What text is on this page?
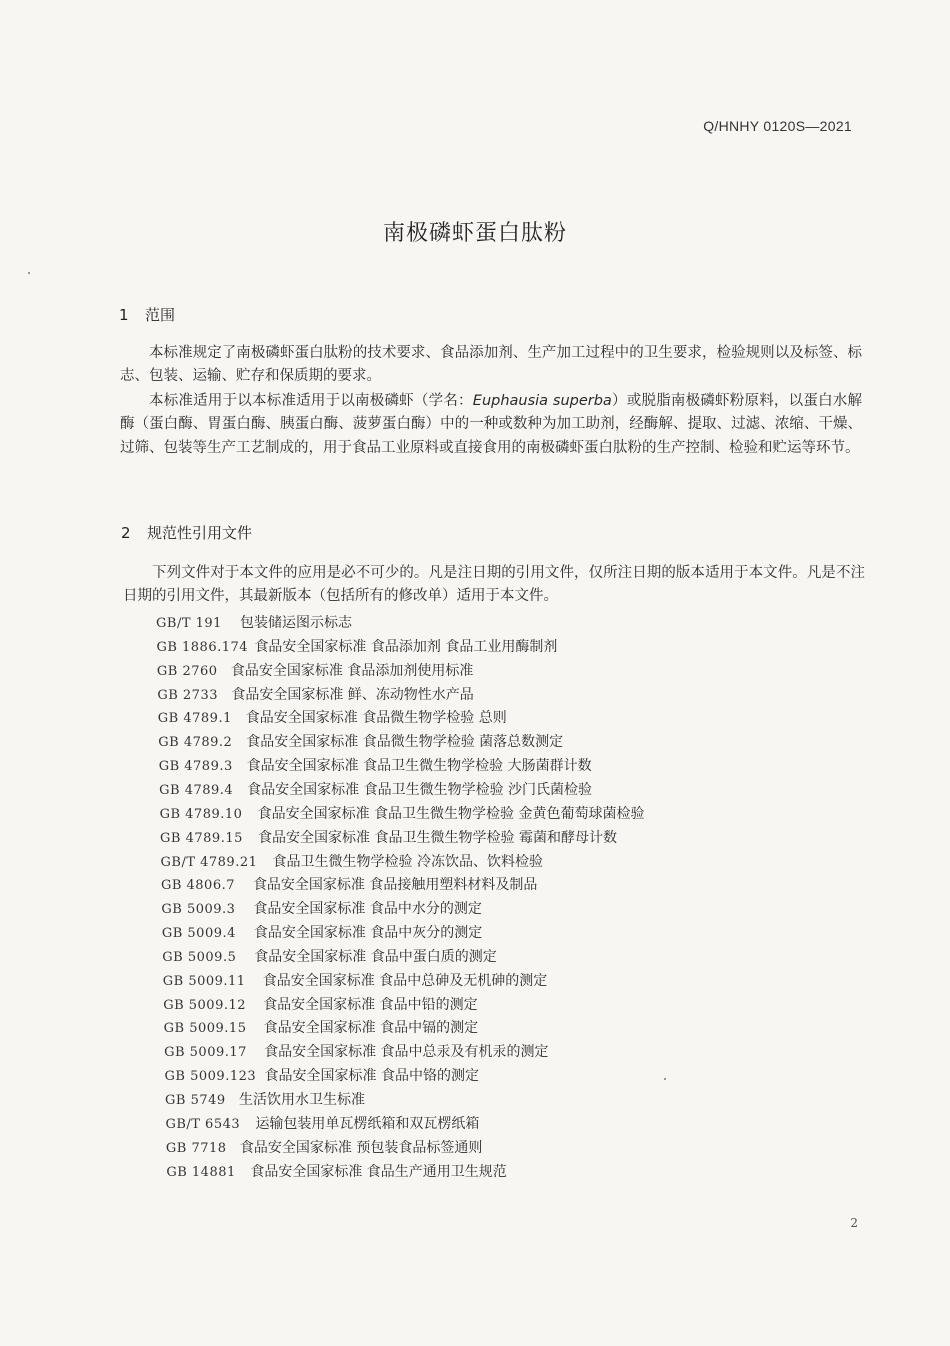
Q/HNHY 0120S—2021
南极磷虾蛋白肽粉
1 范围
本标准规定了南极磷虾蛋白肽粉的技术要求、食品添加剂、生产加工过程中的卫生要求，检验规则以及标签、标志、包装、运输、贮存和保质期的要求。
本标准适用于以本标准适用于以南极磷虾（学名：Euphausia superba）或脱脂南极磷虾粉原料，以蛋白水解酶（蛋白酶、胃蛋白酶、胰蛋白酶、菠萝蛋白酶）中的一种或数种为加工助剂，经酶解、提取、过滤、浓缩、干燥、过筛、包装等生产工艺制成的，用于食品工业原料或直接食用的南极磷虾蛋白肽粉的生产控制、检验和贮运等环节。
2 规范性引用文件
下列文件对于本文件的应用是必不可少的。凡是注日期的引用文件，仅所注日期的版本适用于本文件。凡是不注日期的引用文件，其最新版本（包括所有的修改单）适用于本文件。
GB/T 191 包装储运图示标志
GB 1886.174 食品安全国家标准 食品添加剂 食品工业用酶制剂
GB 2760 食品安全国家标准 食品添加剂使用标准
GB 2733 食品安全国家标准 鲜、冻动物性水产品
GB 4789.1 食品安全国家标准 食品微生物学检验 总则
GB 4789.2 食品安全国家标准 食品微生物学检验 菌落总数测定
GB 4789.3 食品安全国家标准 食品卫生微生物学检验 大肠菌群计数
GB 4789.4 食品安全国家标准 食品卫生微生物学检验 沙门氏菌检验
GB 4789.10 食品安全国家标准 食品卫生微生物学检验 金黄色葡萄球菌检验
GB 4789.15 食品安全国家标准 食品卫生微生物学检验 霉菌和酵母计数
GB/T 4789.21 食品卫生微生物学检验 冷冻饮品、饮料检验
GB 4806.7 食品安全国家标准 食品接触用塑料材料及制品
GB 5009.3 食品安全国家标准 食品中水分的测定
GB 5009.4 食品安全国家标准 食品中灰分的测定
GB 5009.5 食品安全国家标准 食品中蛋白质的测定
GB 5009.11 食品安全国家标准 食品中总砷及无机砷的测定
GB 5009.12 食品安全国家标准 食品中铅的测定
GB 5009.15 食品安全国家标准 食品中镉的测定
GB 5009.17 食品安全国家标准 食品中总汞及有机汞的测定
GB 5009.123 食品安全国家标准 食品中铬的测定
GB 5749 生活饮用水卫生标准
GB/T 6543 运输包装用单瓦楞纸箱和双瓦楞纸箱
GB 7718 食品安全国家标准 预包装食品标签通则
GB 14881 食品安全国家标准 食品生产通用卫生规范
2
